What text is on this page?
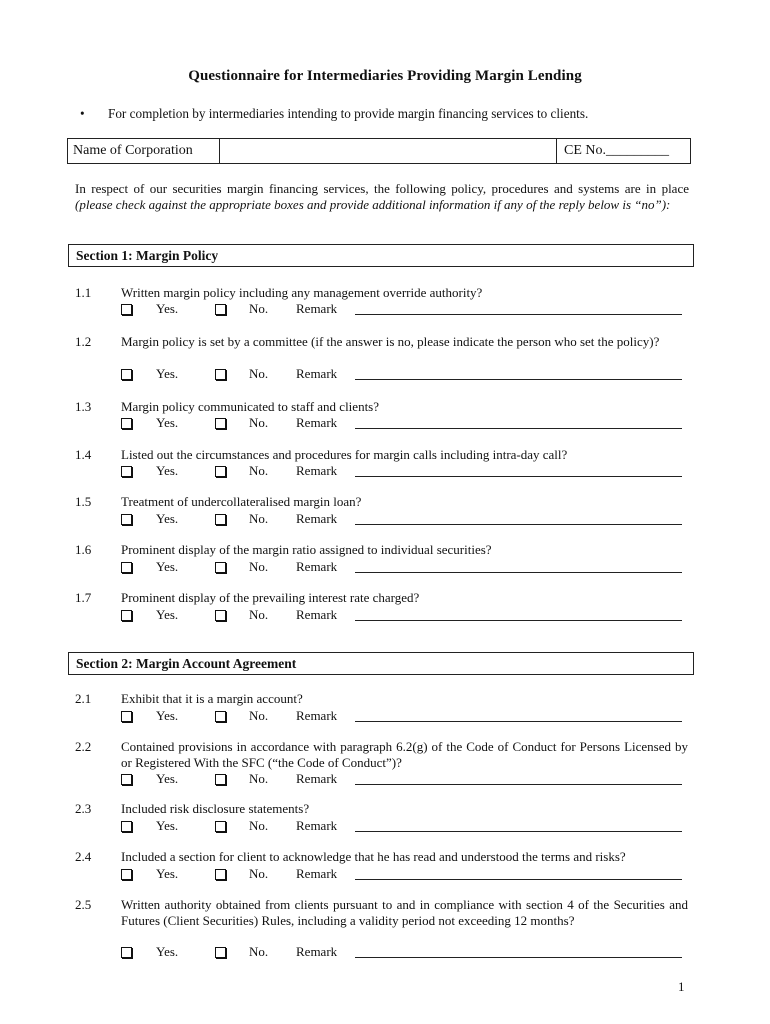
Questionnaire for Intermediaries Providing Margin Lending
• For completion by intermediaries intending to provide margin financing services to clients.
Name of Corporation	CE No._________
In respect of our securities margin financing services, the following policy, procedures and systems are in place (please check against the appropriate boxes and provide additional information if any of the reply below is “no”):
Section 1: Margin Policy
1.1 Written margin policy including any management override authority?
Yes.	No. Remark
1.2 Margin policy is set by a committee (if the answer is no, please indicate the person who set the policy)?
Yes.	No. Remark
1.3 Margin policy communicated to staff and clients?
Yes.	No. Remark
1.4 Listed out the circumstances and procedures for margin calls including intra-day call?
Yes.	No. Remark
1.5 Treatment of undercollateralised margin loan?
Yes.	No. Remark
1.6 Prominent display of the margin ratio assigned to individual securities?
Yes.	No. Remark
1.7 Prominent display of the prevailing interest rate charged?
Yes.	No. Remark
Section 2: Margin Account Agreement
2.1 Exhibit that it is a margin account?
Yes.	No. Remark
2.2 Contained provisions in accordance with paragraph 6.2(g) of the Code of Conduct for Persons Licensed by or Registered With the SFC (“the Code of Conduct”)?
Yes.	No. Remark
2.3 Included risk disclosure statements?
Yes.	No. Remark
2.4 Included a section for client to acknowledge that he has read and understood the terms and risks?
Yes.	No. Remark
2.5 Written authority obtained from clients pursuant to and in compliance with section 4 of the Securities and Futures (Client Securities) Rules, including a validity period not exceeding 12 months?
Yes.	No. Remark
1
